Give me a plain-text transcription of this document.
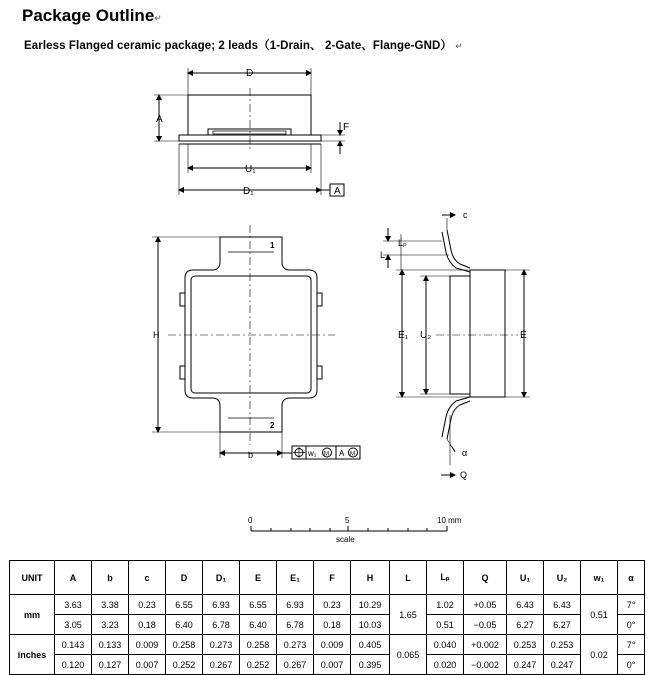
Package Outline↵
Earless Flanged ceramic package; 2 leads（1-Drain、 2-Gate、Flange-GND） ↵
D
A
F
U₁
D₁	A
c
Lₚ
L
H	E₁ U₂	E
1
2
b	w₁ M A M	α
Q
0	5	10 mm
scale
UNIT	A	b	c	D	D₁	E	E₁	F	H	L	Lₚ	Q	U₁	U₂	w₁	α
mm	3.63	3.38	0.23	6.55	6.93	6.55	6.93	0.23	10.29	1.65	1.02	+0.05	6.43	6.43	0.51	7°
	3.05	3.23	0.18	6.40	6.78	6.40	6.78	0.18	10.03		0.51	−0.05	6.27	6.27		0°
inches	0.143	0.133	0.009	0.258	0.273	0.258	0.273	0.009	0.405	0.065	0.040	+0.002	0.253	0.253	0.02	7°
	0.120	0.127	0.007	0.252	0.267	0.252	0.267	0.007	0.395		0.020	−0.002	0.247	0.247		0°
